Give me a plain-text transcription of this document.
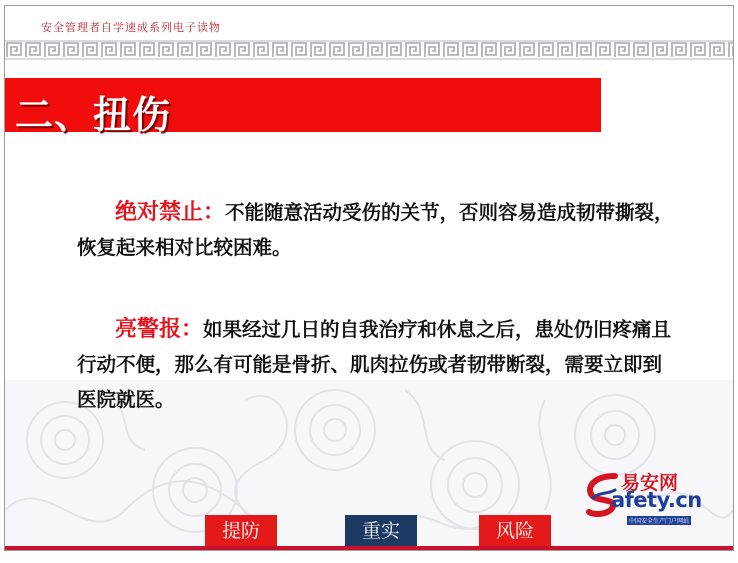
安全管理者自学速成系列电子读物
二、扭伤
绝对禁止：不能随意活动受伤的关节，否则容易造成韧带撕裂，恢复起来相对比较困难。
亮警报：如果经过几日的自我治疗和休息之后，患处仍旧疼痛且行动不便，那么有可能是骨折、肌肉拉伤或者韧带断裂，需要立即到医院就医。
易安网
afety.cn
中国安全生产门户网站
提防	重实	风险
